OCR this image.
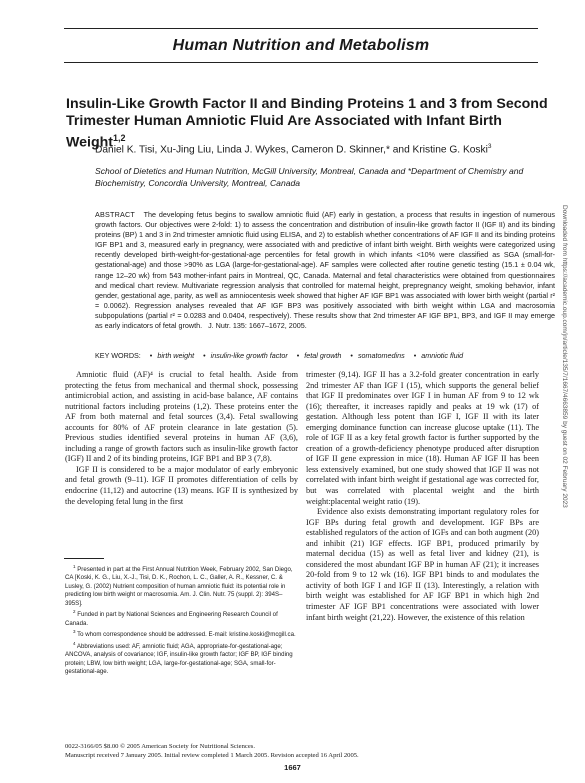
Human Nutrition and Metabolism
Insulin-Like Growth Factor II and Binding Proteins 1 and 3 from Second Trimester Human Amniotic Fluid Are Associated with Infant Birth Weight$^{1,2}$
Daniel K. Tisi, Xu-Jing Liu, Linda J. Wykes, Cameron D. Skinner,* and Kristine G. Koski$^3$
School of Dietetics and Human Nutrition, McGill University, Montreal, Canada and *Department of Chemistry and Biochemistry, Concordia University, Montreal, Canada
ABSTRACT The developing fetus begins to swallow amniotic fluid (AF) early in gestation, a process that results in ingestion of numerous growth factors. Our objectives were 2-fold: 1) to assess the concentration and distribution of insulin-like growth factor II (IGF II) and its binding proteins (BP) 1 and 3 in 2nd trimester amniotic fluid using ELISA, and 2) to establish whether concentrations of AF IGF II and its binding proteins IGF BP1 and 3, measured early in pregnancy, were associated with and predictive of infant birth weight. Birth weights were categorized using recently developed birth-weight-for-gestational-age percentiles for fetal growth in which infants <10% were classified as SGA (small-for-gestational-age) and those >90% as LGA (large-for-gestational-age). AF samples were collected after routine genetic testing (15.1 ± 0.04 wk, range 12–20 wk) from 543 mother-infant pairs in Montreal, QC, Canada. Maternal and fetal characteristics were obtained from questionnaires and medical chart review. Multivariate regression analysis that controlled for maternal height, prepregnancy weight, smoking behavior, infant gender, gestational age, parity, as well as amniocentesis week showed that higher AF IGF BP1 was associated with lower birth weight (partial r² = 0.0062). Regression analyses revealed that AF IGF BP3 was positively associated with birth weight within LGA and macrosomia subpopulations (partial r² = 0.0283 and 0.0404, respectively). These results show that 2nd trimester AF IGF BP1, BP3, and IGF II may emerge as early indicators of fetal growth. J. Nutr. 135: 1667–1672, 2005.
KEY WORDS: • birth weight • insulin-like growth factor • fetal growth • somatomedins • amniotic fluid	Downloaded from https://academic.oup.com/jn/article/135/7/1667/4663859 by guest on 02 February 2023

Amniotic fluid (AF)⁴ is crucial to fetal health. Aside from protecting the fetus from mechanical and thermal shock, possessing antimicrobial action, and assisting in acid-base balance, AF contains nutritional factors including proteins (1,2). These proteins enter the AF from both maternal and fetal sources (3,4). Fetal swallowing accounts for 80% of AF protein clearance in late gestation (5). Previous studies identified several proteins in human AF (3,6), including a range of growth factors such as insulin-like growth factor (IGF) II and 2 of its binding proteins, IGF BP1 and BP 3 (7,8).

IGF II is considered to be a major modulator of early embryonic and fetal growth (9–11). IGF II promotes differentiation of cells by endocrine (11,12) and autocrine (13) means. IGF II is synthesized by the developing fetal lung in the first

trimester (9,14). IGF II has a 3.2-fold greater concentration in early 2nd trimester AF than IGF I (15), which supports the general belief that IGF II predominates over IGF I in human AF from 9 to 12 wk (16); thereafter, it increases rapidly and peaks at 19 wk (17) of gestation. Although less potent than IGF I, IGF II with its later emerging dominance function can increase glucose uptake (11). The role of IGF II as a key fetal growth factor is further supported by the creation of a growth-deficiency phenotype produced after disruption of IGF II gene expression in mice (18). Human AF IGF II has been less extensively examined, but one study showed that IGF II was not correlated with infant birth weight if gestational age was corrected for, but was correlated with placental weight and the birth weight:placental weight ratio (19).

Evidence also exists demonstrating important regulatory roles for IGF BPs during fetal growth and development. IGF BPs are established regulators of the action of IGFs and can both augment (20) and inhibit (21) IGF effects. IGF BP1, produced primarily by maternal decidua (15) as well as fetal liver and kidney (21), is considered the most abundant IGF BP in human AF (21); it increases 20-fold from 9 to 12 wk (16). IGF BP1 binds to and modulates the activity of both IGF I and IGF II (13). Interestingly, a relation with birth weight was established for AF IGF BP1 in which high 2nd trimester AF IGF BP1 concentrations were associated with lower infant birth weight (21,22). However, the existence of this relation

$^1$ Presented in part at the First Annual Nutrition Week, February 2002, San Diego, CA [Koski, K. G., Liu, X.-J., Tisi, D. K., Rochon, L. C., Galler, A. R., Kessner, C. & Lusley, G. (2002) Nutrient composition of human amniotic fluid: its potential role in predicting low birth weight or macrosomia. Am. J. Clin. Nutr. 75 (suppl. 2): 394S–395S].

$^2$ Funded in part by National Sciences and Engineering Research Council of Canada.

$^3$ To whom correspondence should be addressed. E-mail: kristine.koski@mcgill.ca.

$^4$ Abbreviations used: AF, amniotic fluid; AGA, appropriate-for-gestational-age; ANCOVA, analysis of covariance; IGF, insulin-like growth factor; IGF BP, IGF binding protein; LBW, low birth weight; LGA, large-for-gestational-age; SGA, small-for-gestational-age.

0022-3166/05 $8.00 © 2005 American Society for Nutritional Sciences.
Manuscript received 7 January 2005. Initial review completed 1 March 2005. Revision accepted 16 April 2005.
1667
